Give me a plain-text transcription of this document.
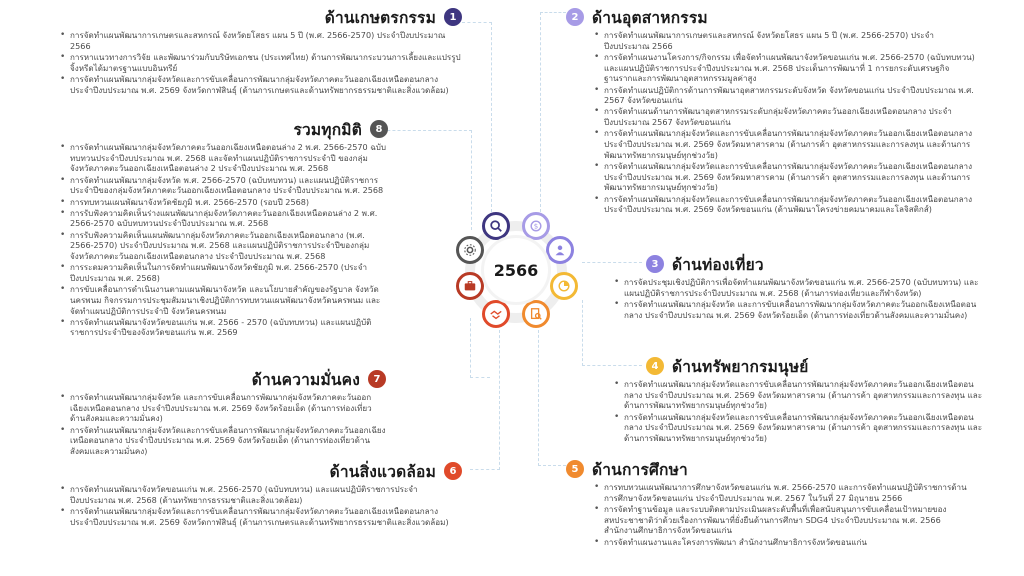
ด้านเกษตรกรรม	1
• การจัดทำแผนพัฒนาการเกษตรและสหกรณ์ จังหวัดยโสธร แผน 5 ปี (พ.ศ. 2566-2570) ประจำปีงบประมาณ 2566
• การหาแนวทางการวิจัย และพัฒนาร่วมกับบริษัทเอกชน (ประเทศไทย) ด้านการพัฒนากระบวนการเลี้ยงและแปรรูปจิ้งหรีดได้มาตรฐานแบบอินทรีย์
• การจัดทำแผนพัฒนากลุ่มจังหวัดและการขับเคลื่อนการพัฒนากลุ่มจังหวัดภาคตะวันออกเฉียงเหนือตอนกลาง ประจำปีงบประมาณ พ.ศ. 2569 จังหวัดกาฬสินธุ์ (ด้านการเกษตรและด้านทรัพยากรธรรมชาติและสิ่งแวดล้อม)
รวมทุกมิติ	8
• การจัดทำแผนพัฒนากลุ่มจังหวัดภาคตะวันออกเฉียงเหนือตอนล่าง 2 พ.ศ. 2566-2570 ฉบับทบทวนประจำปีงบประมาณ พ.ศ. 2568 และจัดทำแผนปฏิบัติราชการประจำปี ของกลุ่มจังหวัดภาคตะวันออกเฉียงเหนือตอนล่าง 2 ประจำปีงบประมาณ พ.ศ. 2568
• การจัดทำแผนพัฒนากลุ่มจังหวัด พ.ศ. 2566-2570 (ฉบับทบทวน) และแผนปฏิบัติราชการประจำปีของกลุ่มจังหวัดภาคตะวันออกเฉียงเหนือตอนกลาง ประจำปีงบประมาณ พ.ศ. 2568
• การทบทวนแผนพัฒนาจังหวัดชัยภูมิ พ.ศ. 2566-2570 (รอบปี 2568)
• การรับฟังความคิดเห็นร่างแผนพัฒนากลุ่มจังหวัดภาคตะวันออกเฉียงเหนือตอนล่าง 2 พ.ศ. 2566-2570 ฉบับทบทวนประจำปีงบประมาณ พ.ศ. 2568
• การรับฟังความคิดเห็นแผนพัฒนากลุ่มจังหวัดภาคตะวันออกเฉียงเหนือตอนกลาง (พ.ศ. 2566-2570) ประจำปีงบประมาณ พ.ศ. 2568 และแผนปฏิบัติราชการประจำปีของกลุ่มจังหวัดภาคตะวันออกเฉียงเหนือตอนกลาง ประจำปีงบประมาณ พ.ศ. 2568
• การระดมความคิดเห็นในการจัดทำแผนพัฒนาจังหวัดชัยภูมิ พ.ศ. 2566-2570 (ประจำปีงบประมาณ พ.ศ. 2568)
• การขับเคลื่อนการดำเนินงานตามแผนพัฒนาจังหวัด และนโยบายสำคัญของรัฐบาล จังหวัดนครพนม กิจกรรมการประชุมสัมมนาเชิงปฏิบัติการทบทวนแผนพัฒนาจังหวัดนครพนม และจัดทำแผนปฏิบัติการประจำปี จังหวัดนครพนม
• การจัดทำแผนพัฒนาจังหวัดขอนแก่น พ.ศ. 2566 - 2570 (ฉบับทบทวน) และแผนปฏิบัติราชการประจำปีของจังหวัดขอนแก่น พ.ศ. 2569
ด้านความมั่นคง	7
• การจัดทำแผนพัฒนากลุ่มจังหวัด และการขับเคลื่อนการพัฒนากลุ่มจังหวัดภาคตะวันออกเฉียงเหนือตอนกลาง ประจำปีงบประมาณ พ.ศ. 2569 จังหวัดร้อยเอ็ด (ด้านการท่องเที่ยวด้านสังคมและความมั่นคง)
• การจัดทำแผนพัฒนากลุ่มจังหวัดและการขับเคลื่อนการพัฒนากลุ่มจังหวัดภาคตะวันออกเฉียงเหนือตอนกลาง ประจำปีงบประมาณ พ.ศ. 2569 จังหวัดร้อยเอ็ด (ด้านการท่องเที่ยวด้านสังคมและความมั่นคง)
ด้านสิ่งแวดล้อม	6
• การจัดทำแผนพัฒนาจังหวัดขอนแก่น พ.ศ. 2566-2570 (ฉบับทบทวน) และแผนปฏิบัติราชการประจำปีงบประมาณ พ.ศ. 2568 (ด้านทรัพยากรธรรมชาติและสิ่งแวดล้อม)
• การจัดทำแผนพัฒนากลุ่มจังหวัดและการขับเคลื่อนการพัฒนากลุ่มจังหวัดภาคตะวันออกเฉียงเหนือตอนกลาง ประจำปีงบประมาณ พ.ศ. 2569 จังหวัดกาฬสินธุ์ (ด้านการเกษตรและด้านทรัพยากรธรรมชาติและสิ่งแวดล้อม)
2 ด้านอุตสาหกรรม
• การจัดทำแผนพัฒนาการเกษตรและสหกรณ์ จังหวัดยโสธร แผน 5 ปี (พ.ศ. 2566-2570) ประจำปีงบประมาณ 2566
• การจัดทำแผนงานโครงการ/กิจกรรม เพื่อจัดทำแผนพัฒนาจังหวัดขอนแก่น พ.ศ. 2566-2570 (ฉบับทบทวน) และแผนปฏิบัติราชการประจำปีงบประมาณ พ.ศ. 2568 ประเด็นการพัฒนาที่ 1 การยกระดับเศรษฐกิจฐานรากและการพัฒนาอุตสาหกรรมมูลค่าสูง
• การจัดทำแผนปฏิบัติการด้านการพัฒนาอุตสาหกรรมระดับจังหวัด จังหวัดขอนแก่น ประจำปีงบประมาณ พ.ศ. 2567 จังหวัดขอนแก่น
• การจัดทำแผนด้านการพัฒนาอุตสาหกรรมระดับกลุ่มจังหวัดภาคตะวันออกเฉียงเหนือตอนกลาง ประจำปีงบประมาณ 2567 จังหวัดขอนแก่น
• การจัดทำแผนพัฒนากลุ่มจังหวัดและการขับเคลื่อนการพัฒนากลุ่มจังหวัดภาคตะวันออกเฉียงเหนือตอนกลาง ประจำปีงบประมาณ พ.ศ. 2569 จังหวัดมหาสารคาม (ด้านการค้า อุตสาหกรรมและการลงทุน และด้านการพัฒนาทรัพยากรมนุษย์ทุกช่วงวัย)
• การจัดทำแผนพัฒนากลุ่มจังหวัดและการขับเคลื่อนการพัฒนากลุ่มจังหวัดภาคตะวันออกเฉียงเหนือตอนกลาง ประจำปีงบประมาณ พ.ศ. 2569 จังหวัดมหาสารคาม (ด้านการค้า อุตสาหกรรมและการลงทุน และด้านการพัฒนาทรัพยากรมนุษย์ทุกช่วงวัย)
• การจัดทำแผนพัฒนากลุ่มจังหวัดและการขับเคลื่อนการพัฒนากลุ่มจังหวัดภาคตะวันออกเฉียงเหนือตอนกลาง ประจำปีงบประมาณ พ.ศ. 2569 จังหวัดขอนแก่น (ด้านพัฒนาโครงข่ายคมนาคมและโลจิสติกส์)
3 ด้านท่องเที่ยว
• การจัดประชุมเชิงปฏิบัติการเพื่อจัดทำแผนพัฒนาจังหวัดขอนแก่น พ.ศ. 2566-2570 (ฉบับทบทวน) และแผนปฏิบัติราชการประจำปีงบประมาณ พ.ศ. 2568 (ด้านการท่องเที่ยวและกีฬาจังหวัด)
• การจัดทำแผนพัฒนากลุ่มจังหวัด และการขับเคลื่อนการพัฒนากลุ่มจังหวัดภาคตะวันออกเฉียงเหนือตอนกลาง ประจำปีงบประมาณ พ.ศ. 2569 จังหวัดร้อยเอ็ด (ด้านการท่องเที่ยวด้านสังคมและความมั่นคง)
4 ด้านทรัพยากรมนุษย์
• การจัดทำแผนพัฒนากลุ่มจังหวัดและการขับเคลื่อนการพัฒนากลุ่มจังหวัดภาคตะวันออกเฉียงเหนือตอนกลาง ประจำปีงบประมาณ พ.ศ. 2569 จังหวัดมหาสารคาม (ด้านการค้า อุตสาหกรรมและการลงทุน และด้านการพัฒนาทรัพยากรมนุษย์ทุกช่วงวัย)
• การจัดทำแผนพัฒนากลุ่มจังหวัดและการขับเคลื่อนการพัฒนากลุ่มจังหวัดภาคตะวันออกเฉียงเหนือตอนกลาง ประจำปีงบประมาณ พ.ศ. 2569 จังหวัดมหาสารคาม (ด้านการค้า อุตสาหกรรมและการลงทุน และด้านการพัฒนาทรัพยากรมนุษย์ทุกช่วงวัย)
5 ด้านการศึกษา
• การทบทวนแผนพัฒนาการศึกษาจังหวัดขอนแก่น พ.ศ. 2566-2570 และการจัดทำแผนปฏิบัติราชการด้านการศึกษาจังหวัดขอนแก่น ประจำปีงบประมาณ พ.ศ. 2567 ในวันที่ 27 มิถุนายน 2566
• การจัดทำฐานข้อมูล และระบบติดตามประเมินผลระดับพื้นที่เพื่อสนับสนุนการขับเคลื่อนเป้าหมายของสหประชาชาติว่าด้วยเรื่องการพัฒนาที่ยั่งยืนด้านการศึกษา SDG4 ประจำปีงบประมาณ พ.ศ. 2566 สำนักงานศึกษาธิการจังหวัดขอนแก่น
• การจัดทำแผนงานและโครงการพัฒนา สำนักงานศึกษาธิการจังหวัดขอนแก่น
$
2566
